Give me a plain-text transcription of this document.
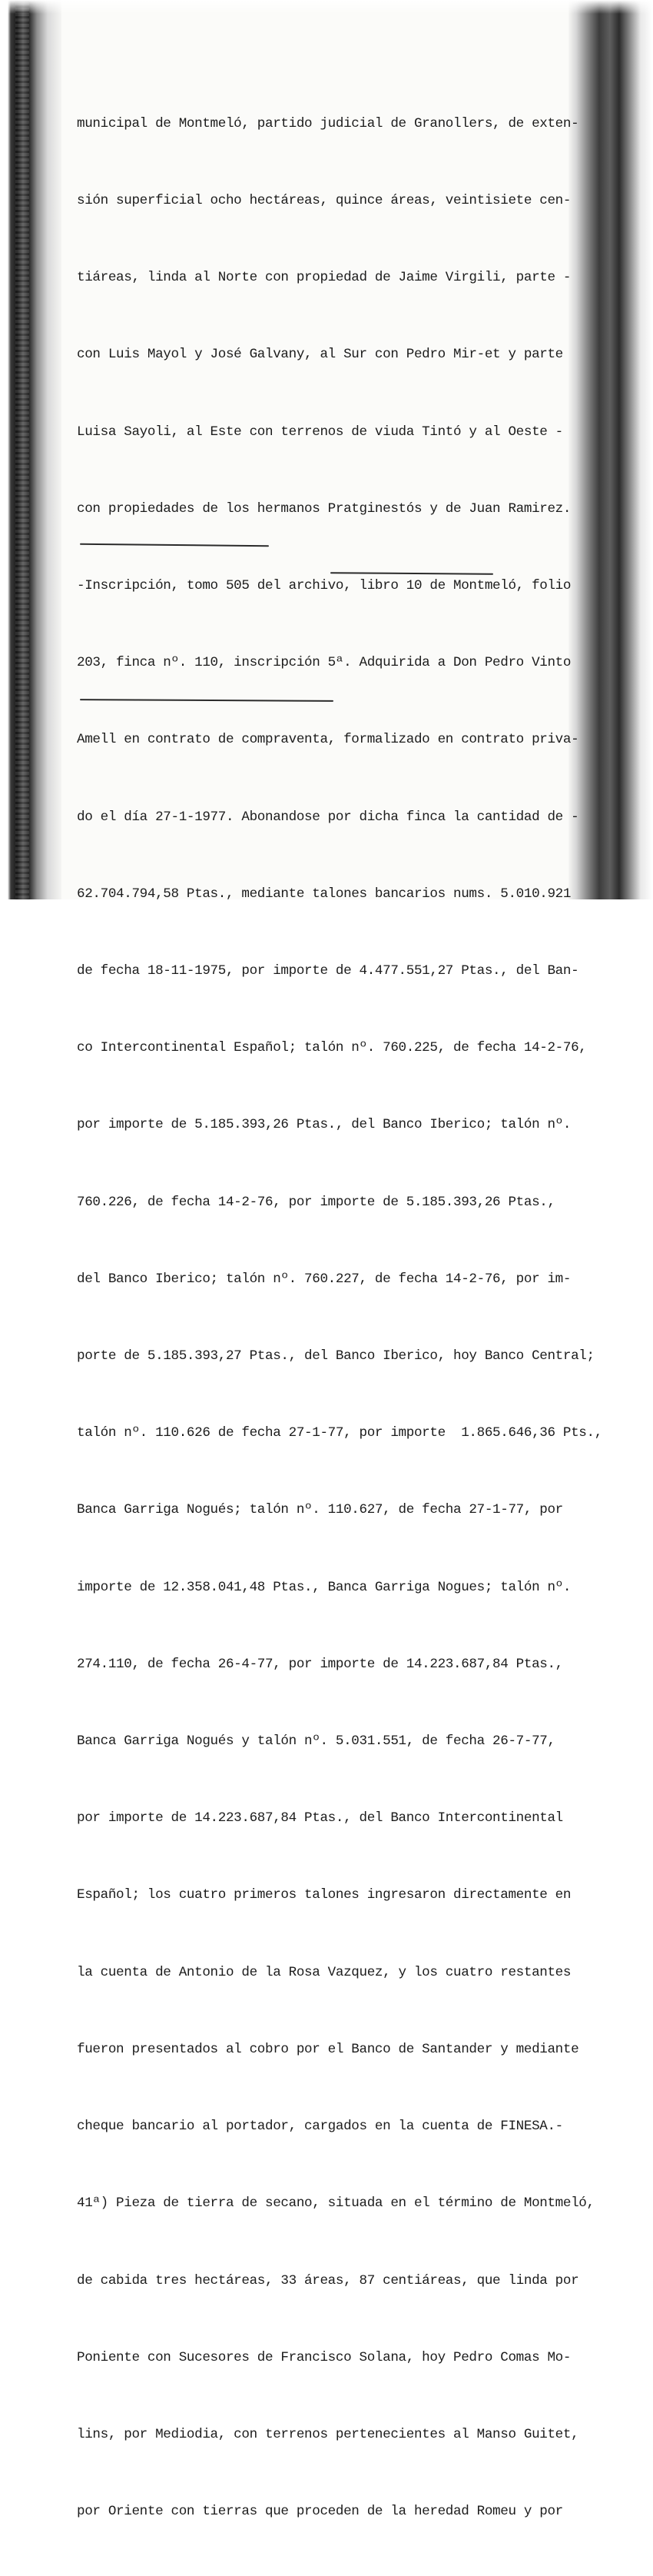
municipal de Montmeló, partido judicial de Granollers, de exten-

sión superficial ocho hectáreas, quince áreas, veintisiete cen-

tiáreas, linda al Norte con propiedad de Jaime Virgili, parte -

con Luis Mayol y José Galvany, al Sur con Pedro Mir-et y parte

Luisa Sayoli, al Este con terrenos de viuda Tintó y al Oeste -

con propiedades de los hermanos Pratginestós y de Juan Ramirez.

-Inscripción, tomo 505 del archivo, libro 10 de Montmeló, folio

203, finca nº. 110, inscripción 5ª. Adquirida a Don Pedro Vinto

Amell en contrato de compraventa, formalizado en contrato priva-

do el día 27-1-1977. Abonandose por dicha finca la cantidad de -

62.704.794,58 Ptas., mediante talones bancarios nums. 5.010.921

de fecha 18-11-1975, por importe de 4.477.551,27 Ptas., del Ban-

co Intercontinental Español; talón nº. 760.225, de fecha 14-2-76,

por importe de 5.185.393,26 Ptas., del Banco Iberico; talón nº.

760.226, de fecha 14-2-76, por importe de 5.185.393,26 Ptas.,

del Banco Iberico; talón nº. 760.227, de fecha 14-2-76, por im-

porte de 5.185.393,27 Ptas., del Banco Iberico, hoy Banco Central;

talón nº. 110.626 de fecha 27-1-77, por importe  1.865.646,36 Pts.,

Banca Garriga Nogués; talón nº. 110.627, de fecha 27-1-77, por

importe de 12.358.041,48 Ptas., Banca Garriga Nogues; talón nº.

274.110, de fecha 26-4-77, por importe de 14.223.687,84 Ptas.,

Banca Garriga Nogués y talón nº. 5.031.551, de fecha 26-7-77,

por importe de 14.223.687,84 Ptas., del Banco Intercontinental

Español; los cuatro primeros talones ingresaron directamente en

la cuenta de Antonio de la Rosa Vazquez, y los cuatro restantes

fueron presentados al cobro por el Banco de Santander y mediante

cheque bancario al portador, cargados en la cuenta de FINESA.-

41ª) Pieza de tierra de secano, situada en el término de Montmeló,

de cabida tres hectáreas, 33 áreas, 87 centiáreas, que linda por

Poniente con Sucesores de Francisco Solana, hoy Pedro Comas Mo-

lins, por Mediodia, con terrenos pertenecientes al Manso Guitet,

por Oriente con tierras que proceden de la heredad Romeu y por
